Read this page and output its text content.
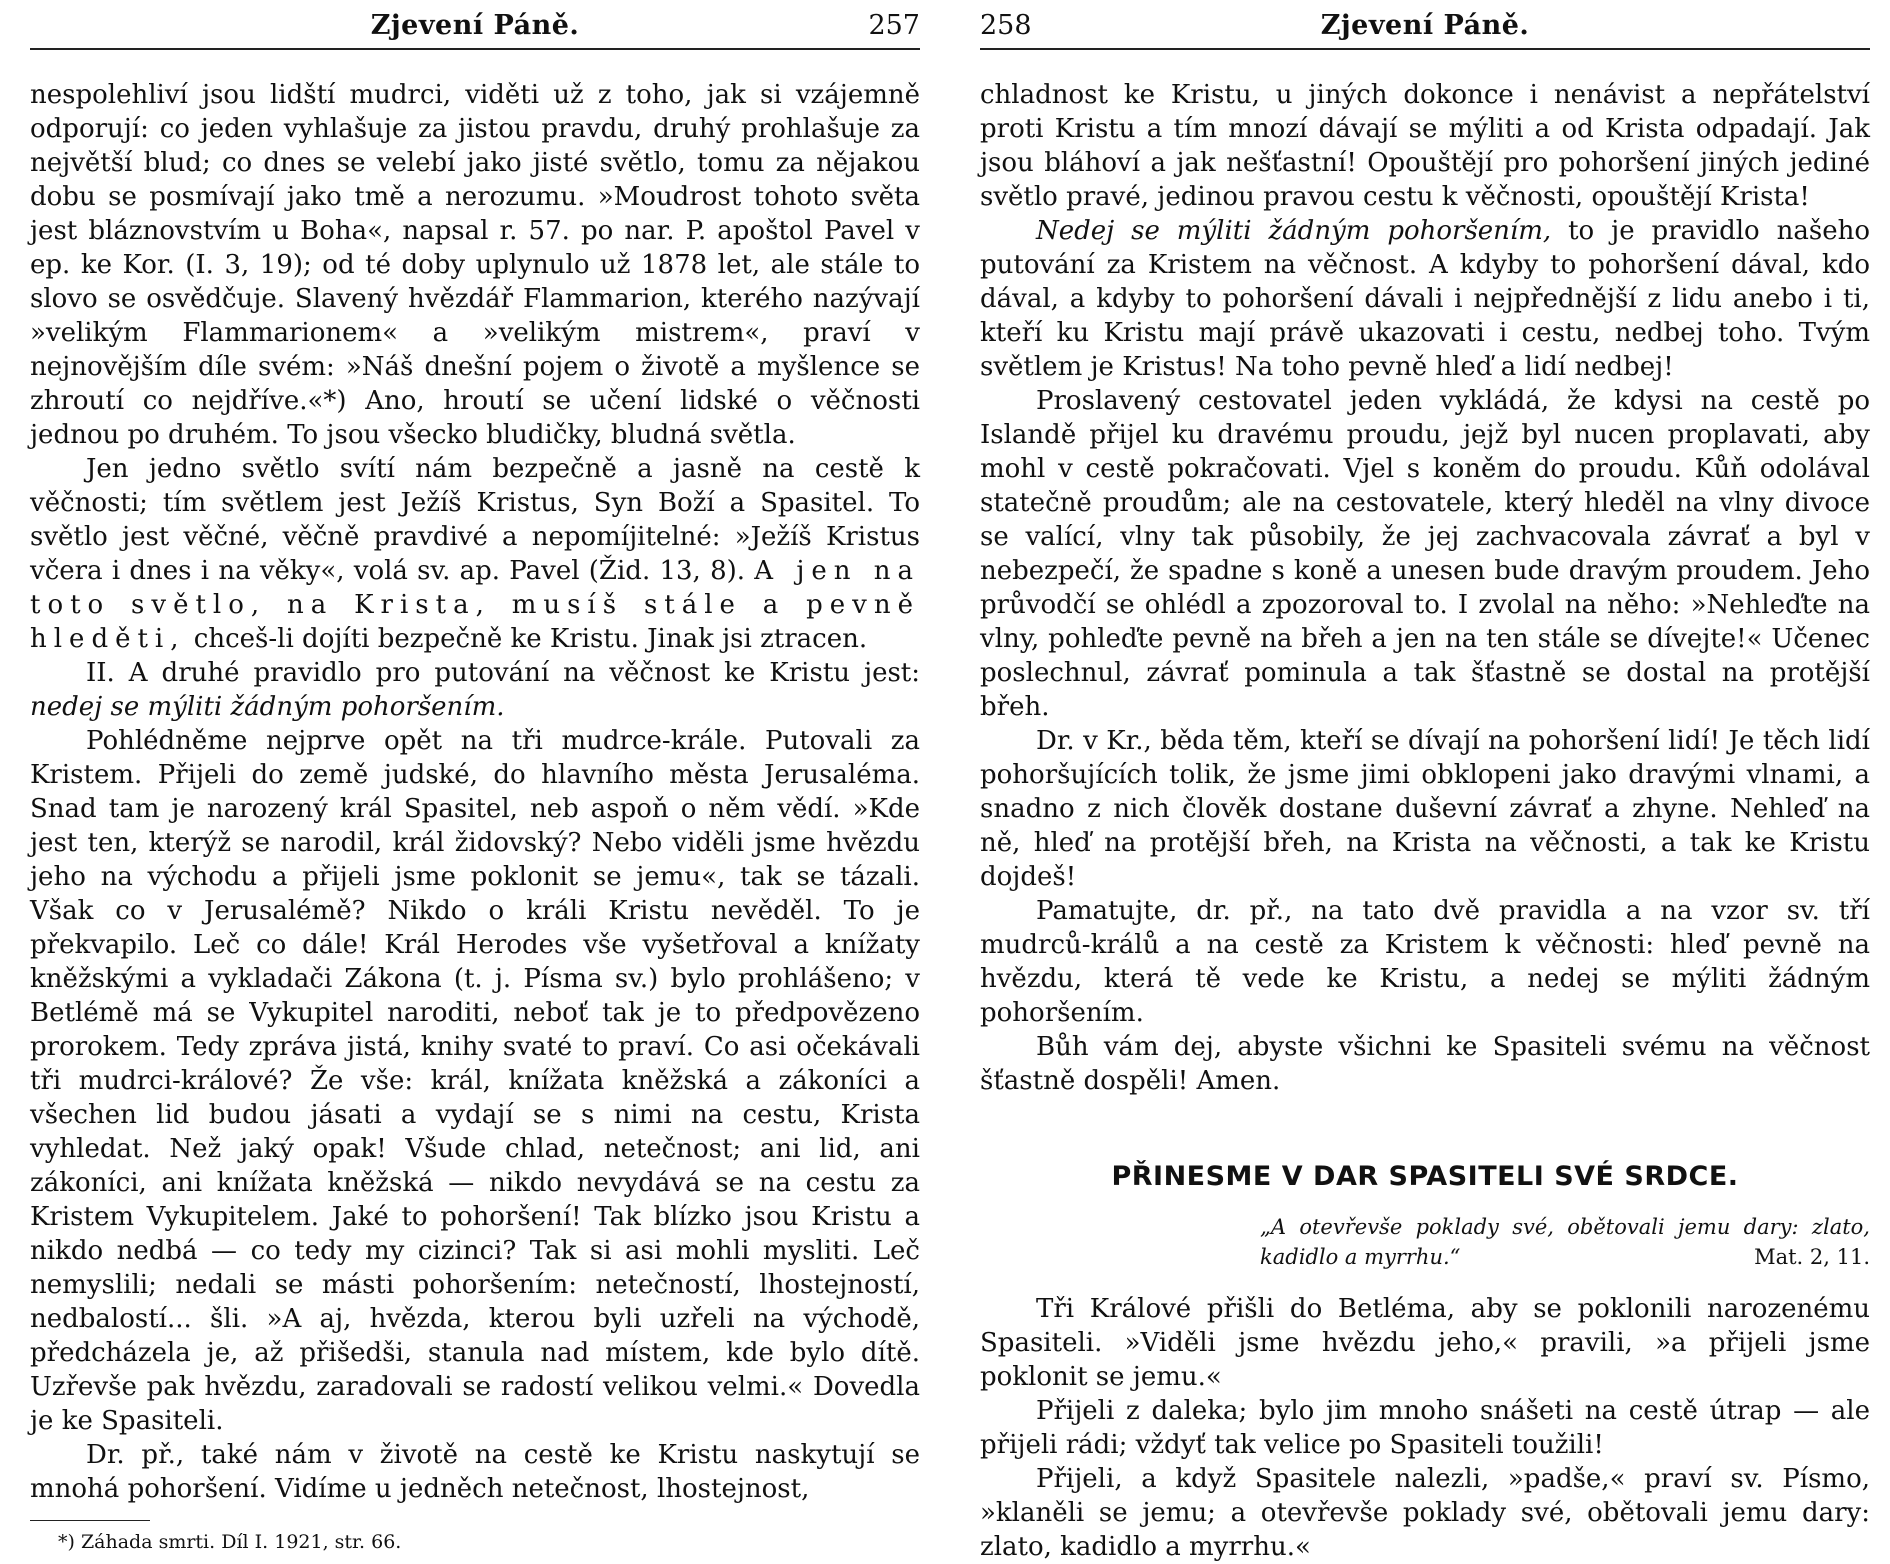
Zjevení Páně.	257

nespolehliví jsou lidští mudrci, viděti už z toho, jak si vzájemně odporují: co jeden vyhlašuje za jistou pravdu, druhý prohlašuje za největší blud; co dnes se velebí jako jisté světlo, tomu za nějakou dobu se posmívají jako tmě a nerozumu. »Moudrost tohoto světa jest bláznovstvím u Boha«, napsal r. 57. po nar. P. apoštol Pavel v ep. ke Kor. (I. 3, 19); od té doby uplynulo už 1878 let, ale stále to slovo se osvědčuje. Slavený hvězdář Flammarion, kterého nazývají »velikým Flammarionem« a »velikým mistrem«, praví v nejnovějším díle svém: »Náš dnešní pojem o životě a myšlence se zhroutí co nejdříve.«*) Ano, hroutí se učení lidské o věčnosti jednou po druhém. To jsou všecko bludičky, bludná světla.

Jen jedno světlo svítí nám bezpečně a jasně na cestě k věčnosti; tím světlem jest Ježíš Kristus, Syn Boží a Spasitel. To světlo jest věčné, věčně pravdivé a nepomíjitelné: »Ježíš Kristus včera i dnes i na věky«, volá sv. ap. Pavel (Žid. 13, 8). A jen na toto světlo, na Krista, musíš stále a pevně hleděti, chceš-li dojíti bezpečně ke Kristu. Jinak jsi ztracen.

II. A druhé pravidlo pro putování na věčnost ke Kristu jest: nedej se mýliti žádným pohoršením.

Pohlédněme nejprve opět na tři mudrce-krále. Putovali za Kristem. Přijeli do země judské, do hlavního města Jerusaléma. Snad tam je narozený král Spasitel, neb aspoň o něm vědí. »Kde jest ten, kterýž se narodil, král židovský? Nebo viděli jsme hvězdu jeho na východu a přijeli jsme poklonit se jemu«, tak se tázali. Však co v Jerusalémě? Nikdo o králi Kristu nevěděl. To je překvapilo. Leč co dále! Král Herodes vše vyšetřoval a knížaty kněžskými a vykladači Zákona (t. j. Písma sv.) bylo prohlášeno; v Betlémě má se Vykupitel naroditi, neboť tak je to předpovězeno prorokem. Tedy zpráva jistá, knihy svaté to praví. Co asi očekávali tři mudrci-králové? Že vše: král, knížata kněžská a zákoníci a všechen lid budou jásati a vydají se s nimi na cestu, Krista vyhledat. Než jaký opak! Všude chlad, netečnost; ani lid, ani zákoníci, ani knížata kněžská — nikdo nevydává se na cestu za Kristem Vykupitelem. Jaké to pohoršení! Tak blízko jsou Kristu a nikdo nedbá — co tedy my cizinci? Tak si asi mohli mysliti. Leč nemyslili; nedali se másti pohoršením: netečností, lhostejností, nedbalostí... šli. »A aj, hvězda, kterou byli uzřeli na východě, předcházela je, až přišedši, stanula nad místem, kde bylo dítě. Uzřevše pak hvězdu, zaradovali se radostí velikou velmi.« Dovedla je ke Spasiteli.

Dr. př., také nám v životě na cestě ke Kristu naskytují se mnohá pohoršení. Vidíme u jedněch netečnost, lhostejnost,

*) Záhada smrti. Díl I. 1921, str. 66.
258	Zjevení Páně.

chladnost ke Kristu, u jiných dokonce i nenávist a nepřátelství proti Kristu a tím mnozí dávají se mýliti a od Krista odpadají. Jak jsou bláhoví a jak nešťastní! Opouštějí pro pohoršení jiných jediné světlo pravé, jedinou pravou cestu k věčnosti, opouštějí Krista!

Nedej se mýliti žádným pohoršením, to je pravidlo našeho putování za Kristem na věčnost. A kdyby to pohoršení dával, kdo dával, a kdyby to pohoršení dávali i nejpřednější z lidu anebo i ti, kteří ku Kristu mají právě ukazovati i cestu, nedbej toho. Tvým světlem je Kristus! Na toho pevně hleď a lidí nedbej!

Proslavený cestovatel jeden vykládá, že kdysi na cestě po Islandě přijel ku dravému proudu, jejž byl nucen proplavati, aby mohl v cestě pokračovati. Vjel s koněm do proudu. Kůň odolával statečně proudům; ale na cestovatele, který hleděl na vlny divoce se valící, vlny tak působily, že jej zachvacovala závrať a byl v nebezpečí, že spadne s koně a unesen bude dravým proudem. Jeho průvodčí se ohlédl a zpozoroval to. I zvolal na něho: »Nehleďte na vlny, pohleďte pevně na břeh a jen na ten stále se dívejte!« Učenec poslechnul, závrať pominula a tak šťastně se dostal na protější břeh.

Dr. v Kr., běda těm, kteří se dívají na pohoršení lidí! Je těch lidí pohoršujících tolik, že jsme jimi obklopeni jako dravými vlnami, a snadno z nich člověk dostane duševní závrať a zhyne. Nehleď na ně, hleď na protější břeh, na Krista na věčnosti, a tak ke Kristu dojdeš!

Pamatujte, dr. př., na tato dvě pravidla a na vzor sv. tří mudrců-králů a na cestě za Kristem k věčnosti: hleď pevně na hvězdu, která tě vede ke Kristu, a nedej se mýliti žádným pohoršením.

Bůh vám dej, abyste všichni ke Spasiteli svému na věčnost šťastně dospěli! Amen.

PŘINESME V DAR SPASITELI SVÉ SRDCE.
„A otevřevše poklady své, obětovali jemu dary: zlato, kadidlo a myrrhu.“	Mat. 2, 11.

Tři Králové přišli do Betléma, aby se poklonili narozenému Spasiteli. »Viděli jsme hvězdu jeho,« pravili, »a přijeli jsme poklonit se jemu.«

Přijeli z daleka; bylo jim mnoho snášeti na cestě útrap — ale přijeli rádi; vždyť tak velice po Spasiteli toužili!

Přijeli, a když Spasitele nalezli, »padše,« praví sv. Písmo, »klaněli se jemu; a otevřevše poklady své, obětovali jemu dary: zlato, kadidlo a myrrhu.«
